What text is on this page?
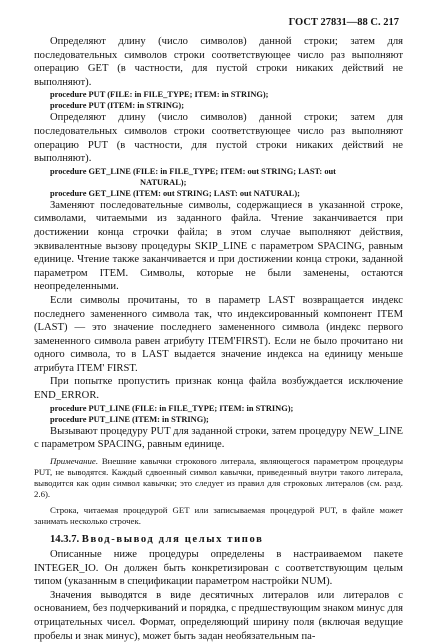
ГОСТ 27831—88 С. 217

Определяют длину (число символов) данной строки; затем для последовательных символов строки соответствующее число раз выполняют операцию GET (в частности, для пустой строки никаких действий не выполняют).

procedure PUT (FILE: in FILE_TYPE; ITEM: in STRING);

procedure PUT (ITEM: in STRING);

Определяют длину (число символов) данной строки; затем для последовательных символов строки соответствующее число раз выполняют операцию PUT (в частности, для пустой строки никаких действий не выполняют).

procedure GET_LINE (FILE: in FILE_TYPE; ITEM: out STRING; LAST: out

NATURAL);

procedure GET_LINE (ITEM: out STRING; LAST: out NATURAL);

Заменяют последовательные символы, содержащиеся в указанной строке, символами, читаемыми из заданного файла. Чтение заканчивается при достижении конца строчки файла; в этом случае выполняют действия, эквивалентные вызову процедуры SKIP_LINE с параметром SPACING, равным единице. Чтение также заканчивается и при достижении конца строки, заданной параметром ITEM. Символы, которые не были заменены, остаются неопределенными.

Если символы прочитаны, то в параметр LAST возвращается индекс последнего замененного символа так, что индексированный компонент ITEM (LAST) — это значение последнего замененного символа (индекс первого замененного символа равен атрибуту ITEM'FIRST). Если не было прочитано ни одного символа, то в LAST выдается значение индекса на единицу меньше атрибута ITEM' FIRST.

При попытке пропустить признак конца файла возбуждается исключение END_ERROR.

procedure PUT_LINE (FILE: in FILE_TYPE; ITEM: in STRING);

procedure PUT_LINE (ITEM: in STRING);

Вызывают процедуру PUT для заданной строки, затем процедуру NEW_LINE с параметром SPACING, равным единице.

Примечание. Внешние кавычки строкового литерала, являющегося параметром процедуры PUT, не выводятся. Каждый сдвоенный символ кавычки, приведенный внутри такого литерала, выводится как один символ кавычки; это следует из правил для строковых литералов (см. разд. 2.6).

Строка, читаемая процедурой GET или записываемая процедурой PUT, в файле может занимать несколько строчек.

14.3.7. Ввод-вывод для целых типов

Описанные ниже процедуры определены в настраиваемом пакете INTEGER_IO. Он должен быть конкретизирован с соответствующим целым типом (указанным в спецификации параметром настройки NUM).

Значения выводятся в виде десятичных литералов или литералов с основанием, без подчеркиваний и порядка, с предшествующим знаком минус для отрицательных чисел. Формат, определяющий ширину поля (включая ведущие пробелы и знак минус), может быть задан необязательным па-
